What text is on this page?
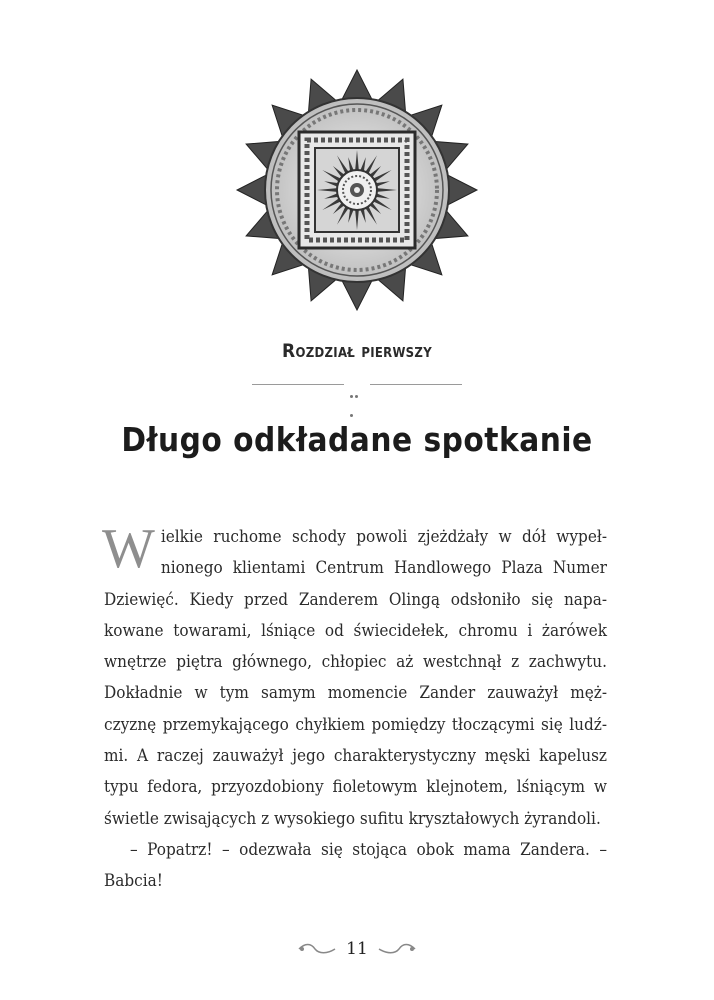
Rozdział pierwszy
Długo odkładane spotkanie

Wielkie ruchome schody powoli zjeżdżały w dół wypeł- nionego klientami Centrum Handlowego Plaza Numer Dziewięć. Kiedy przed Zanderem Olingą odsłoniło się napa- kowane towarami, lśniące od świecidełek, chromu i żarówek wnętrze piętra głównego, chłopiec aż westchnął z zachwytu. Dokładnie w tym samym momencie Zander zauważył męż- czyznę przemykającego chyłkiem pomiędzy tłoczącymi się ludź- mi. A raczej zauważył jego charakterystyczny męski kapelusz typu fedora, przyozdobiony fioletowym klejnotem, lśniącym w świetle zwisających z wysokiego sufitu kryształowych żyrandoli.

– Popatrz! – odezwała się stojąca obok mama Zandera. – Babcia!

11
